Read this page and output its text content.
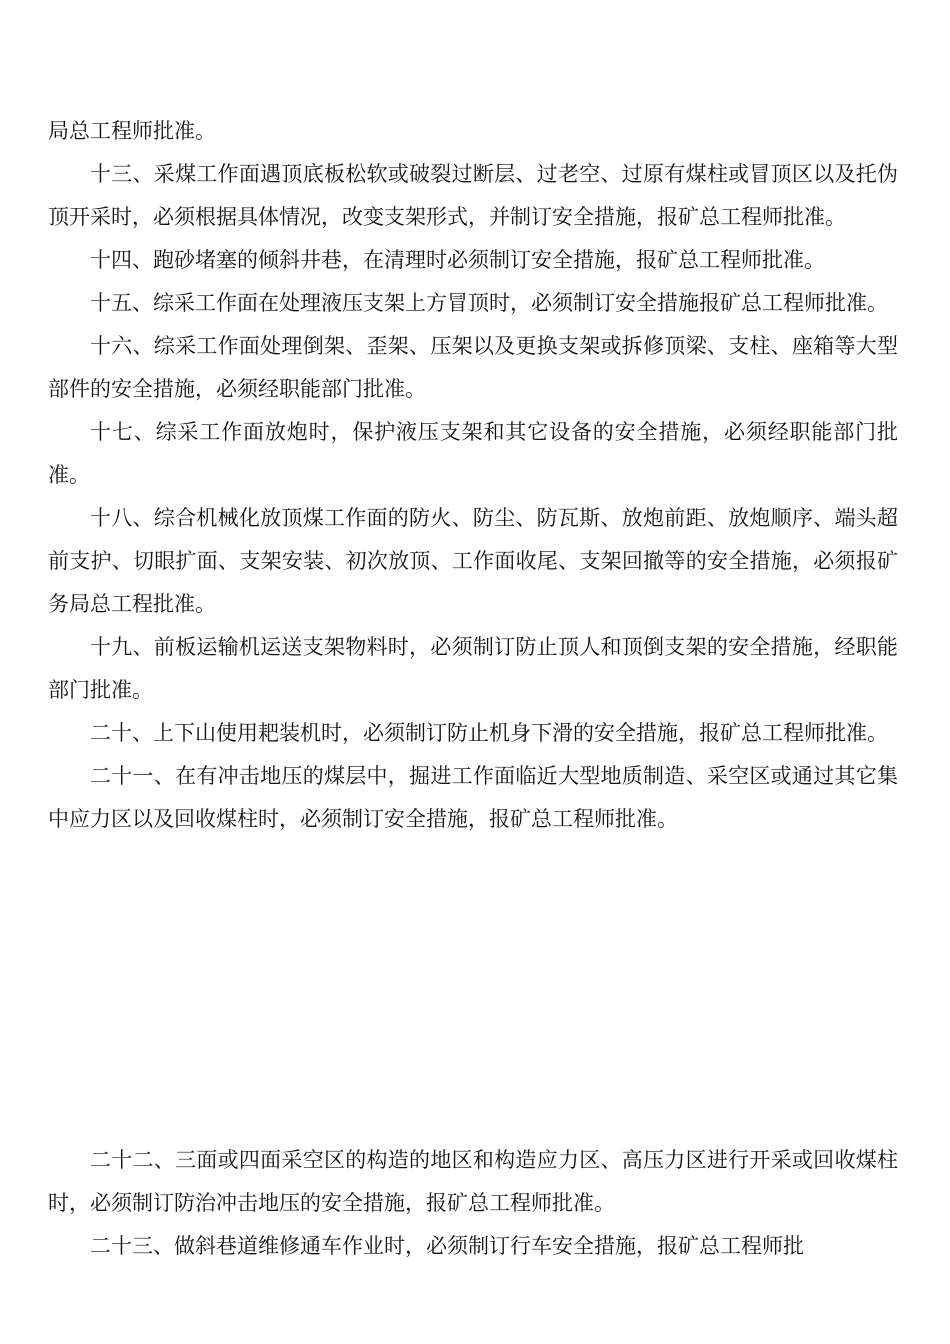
局总工程师批准。

十三、采煤工作面遇顶底板松软或破裂过断层、过老空、过原有煤柱或冒顶区以及托伪顶开采时，必须根据具体情况，改变支架形式，并制订安全措施，报矿总工程师批准。

十四、跑砂堵塞的倾斜井巷，在清理时必须制订安全措施，报矿总工程师批准。

十五、综采工作面在处理液压支架上方冒顶时，必须制订安全措施报矿总工程师批准。

十六、综采工作面处理倒架、歪架、压架以及更换支架或拆修顶梁、支柱、座箱等大型部件的安全措施，必须经职能部门批准。

十七、综采工作面放炮时，保护液压支架和其它设备的安全措施，必须经职能部门批准。

十八、综合机械化放顶煤工作面的防火、防尘、防瓦斯、放炮前距、放炮顺序、端头超前支护、切眼扩面、支架安装、初次放顶、工作面收尾、支架回撤等的安全措施，必须报矿务局总工程批准。

十九、前板运输机运送支架物料时，必须制订防止顶人和顶倒支架的安全措施，经职能部门批准。

二十、上下山使用耙装机时，必须制订防止机身下滑的安全措施，报矿总工程师批准。

二十一、在有冲击地压的煤层中，掘进工作面临近大型地质制造、采空区或通过其它集中应力区以及回收煤柱时，必须制订安全措施，报矿总工程师批准。

二十二、三面或四面采空区的构造的地区和构造应力区、高压力区进行开采或回收煤柱时，必须制订防治冲击地压的安全措施，报矿总工程师批准。

二十三、做斜巷道维修通车作业时，必须制订行车安全措施，报矿总工程师批
